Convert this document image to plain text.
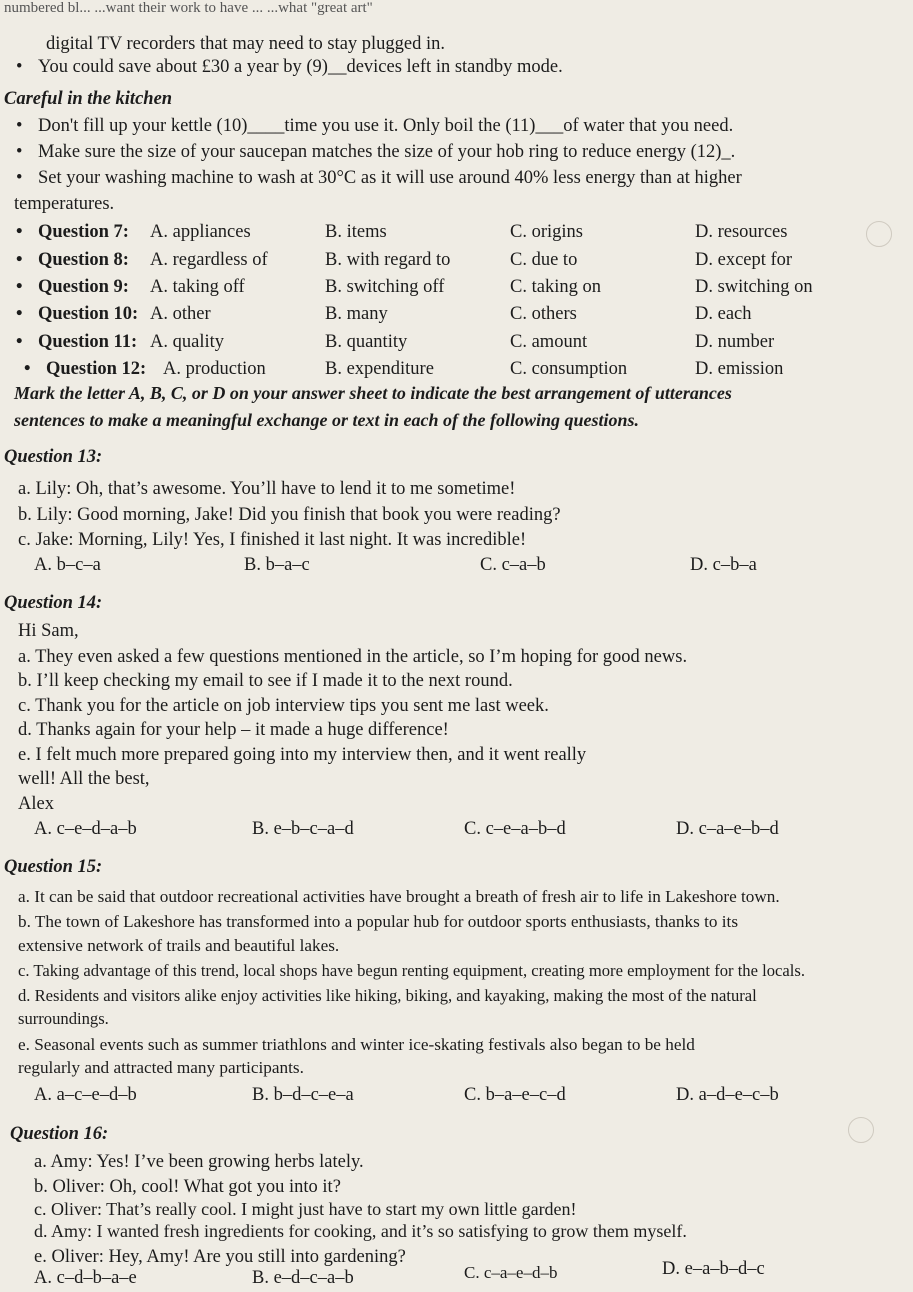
numbered bl... ...want their work to have ... ...what "great art"
digital TV recorders that may need to stay plugged in.
• You could save about £30 a year by (9)__devices left in standby mode.
Careful in the kitchen
• Don't fill up your kettle (10)____time you use it. Only boil the (11)___of water that you need.
• Make sure the size of your saucepan matches the size of your hob ring to reduce energy (12)_.
• Set your washing machine to wash at 30°C as it will use around 40% less energy than at higher
temperatures.
• Question 7: A. appliances	B. items	C. origins	D. resources
• Question 8: A. regardless of	B. with regard to	C. due to	D. except for
• Question 9: A. taking off	B. switching off	C. taking on	D. switching on
• Question 10: A. other	B. many	C. others	D. each
• Question 11: A. quality	B. quantity	C. amount	D. number
• Question 12: A. production	B. expenditure	C. consumption	D. emission
Mark the letter A, B, C, or D on your answer sheet to indicate the best arrangement of utterances
sentences to make a meaningful exchange or text in each of the following questions.
Question 13:
a. Lily: Oh, that’s awesome. You’ll have to lend it to me sometime!
b. Lily: Good morning, Jake! Did you finish that book you were reading?
c. Jake: Morning, Lily! Yes, I finished it last night. It was incredible!
A. b–c–a	B. b–a–c	C. c–a–b	D. c–b–a
Question 14:
Hi Sam,
a. They even asked a few questions mentioned in the article, so I’m hoping for good news.
b. I’ll keep checking my email to see if I made it to the next round.
c. Thank you for the article on job interview tips you sent me last week.
d. Thanks again for your help – it made a huge difference!
e. I felt much more prepared going into my interview then, and it went really
well! All the best,
Alex
A. c–e–d–a–b	B. e–b–c–a–d	C. c–e–a–b–d	D. c–a–e–b–d
Question 15:
a. It can be said that outdoor recreational activities have brought a breath of fresh air to life in Lakeshore town.
b. The town of Lakeshore has transformed into a popular hub for outdoor sports enthusiasts, thanks to its
extensive network of trails and beautiful lakes.
c. Taking advantage of this trend, local shops have begun renting equipment, creating more employment for the locals.
d. Residents and visitors alike enjoy activities like hiking, biking, and kayaking, making the most of the natural
surroundings.
e. Seasonal events such as summer triathlons and winter ice-skating festivals also began to be held
regularly and attracted many participants.
A. a–c–e–d–b	B. b–d–c–e–a	C. b–a–e–c–d	D. a–d–e–c–b
Question 16:
a. Amy: Yes! I’ve been growing herbs lately.
b. Oliver: Oh, cool! What got you into it?
c. Oliver: That’s really cool. I might just have to start my own little garden!
d. Amy: I wanted fresh ingredients for cooking, and it’s so satisfying to grow them myself.
e. Oliver: Hey, Amy! Are you still into gardening?
A. c–d–b–a–e	B. e–d–c–a–b	C. c–a–e–d–b	D. e–a–b–d–c
